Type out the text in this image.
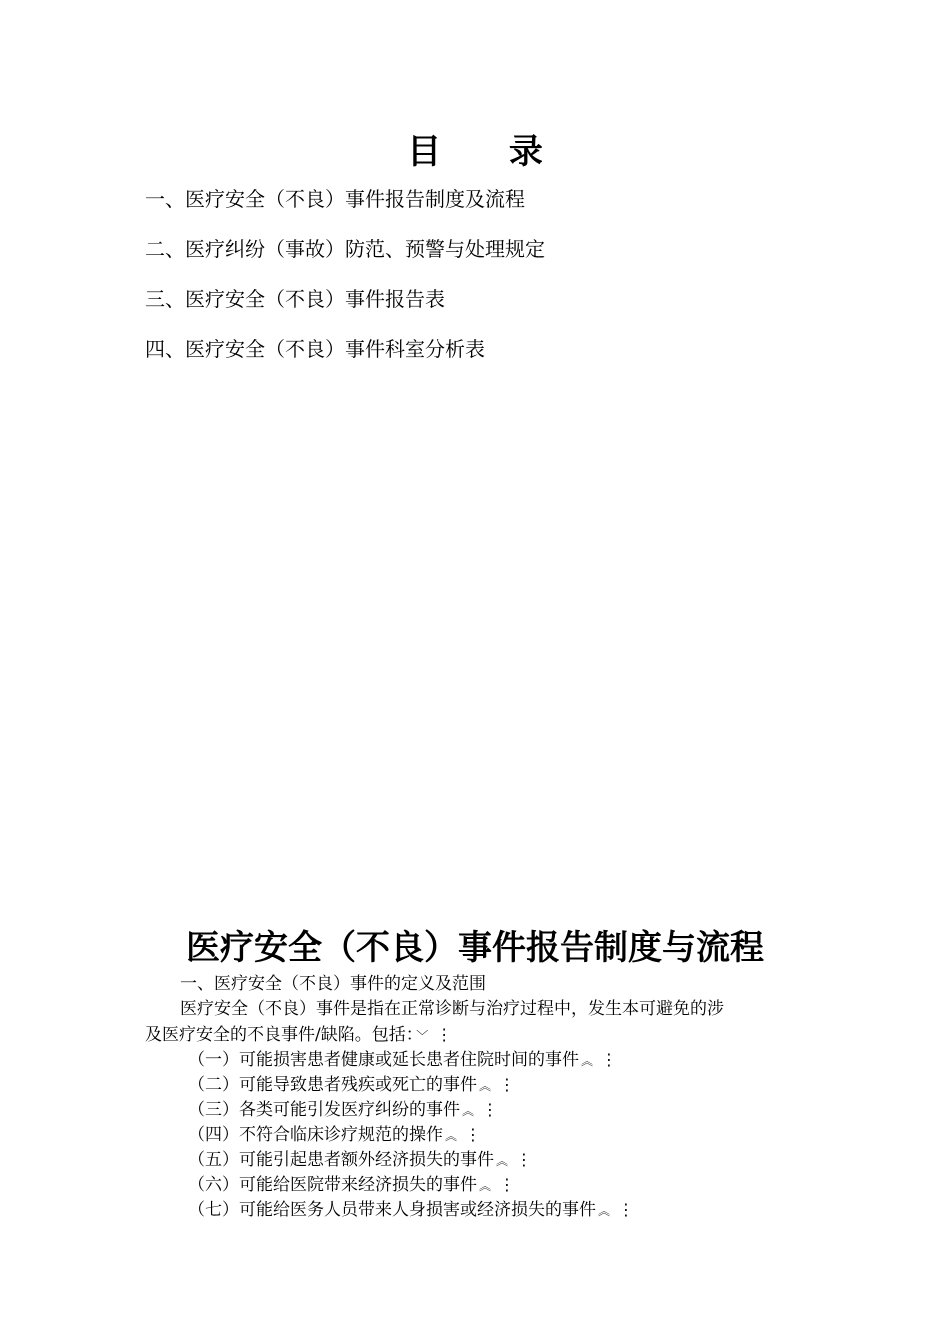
目 录
一、医疗安全（不良）事件报告制度及流程
二、医疗纠纷（事故）防范、预警与处理规定
三、医疗安全（不良）事件报告表
四、医疗安全（不良）事件科室分析表
医疗安全（不良）事件报告制度与流程
一、医疗安全（不良）事件的定义及范围
医疗安全（不良）事件是指在正常诊断与治疗过程中，发生本可避免的涉
及医疗安全的不良事件/缺陷。包括： ﹀ ⋮
（一）可能损害患者健康或延长患者住院时间的事件 ︽ ⋮
（二）可能导致患者残疾或死亡的事件 ︽ ⋮
（三）各类可能引发医疗纠纷的事件 ︽ ⋮
（四）不符合临床诊疗规范的操作 ︽ ⋮
（五）可能引起患者额外经济损失的事件 ︽ ⋮
（六）可能给医院带来经济损失的事件 ︽ ⋮
（七）可能给医务人员带来人身损害或经济损失的事件 ︽ ⋮
